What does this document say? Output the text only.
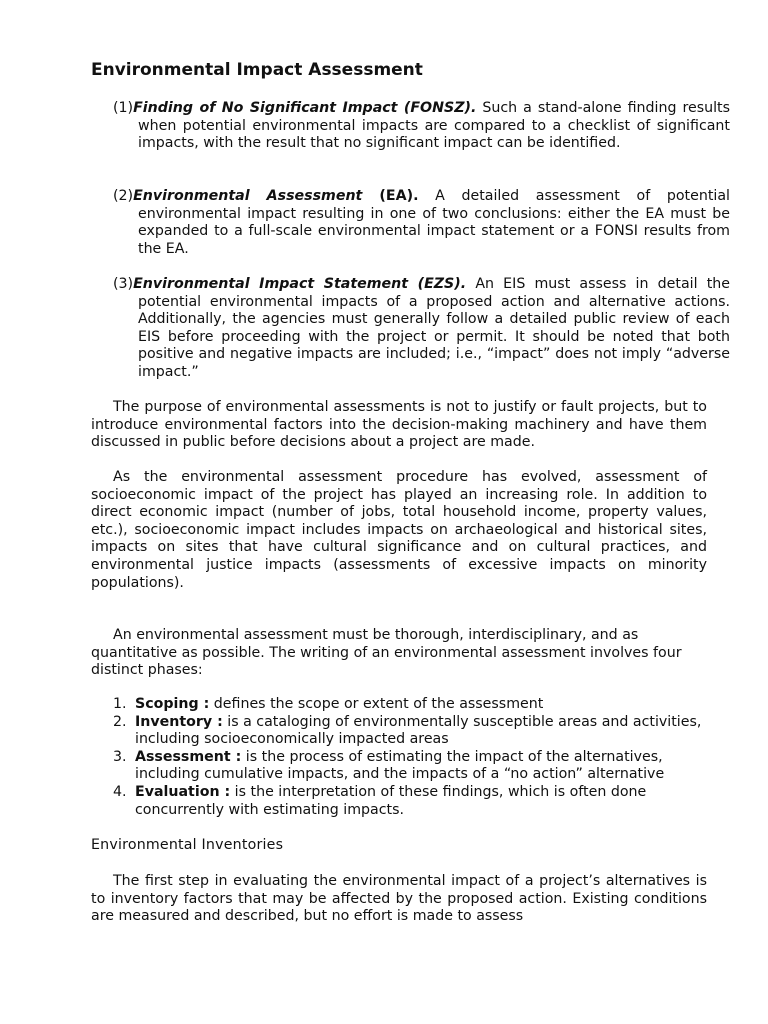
Environmental Impact Assessment

(1)Finding of No Significant Impact (FONSZ). Such a stand-alone finding results when potential environmental impacts are compared to a checklist of significant impacts, with the result that no significant impact can be identified.

(2)Environmental Assessment (EA). A detailed assessment of potential environmental impact resulting in one of two conclusions: either the EA must be expanded to a full-scale environmental impact statement or a FONSI results from the EA.

(3)Environmental Impact Statement (EZS). An EIS must assess in detail the potential environmental impacts of a proposed action and alternative actions. Additionally, the agencies must generally follow a detailed public review of each EIS before proceeding with the project or permit. It should be noted that both positive and negative impacts are included; i.e., “impact” does not imply “adverse impact.”

The purpose of environmental assessments is not to justify or fault projects, but to introduce environmental factors into the decision-making machinery and have them discussed in public before decisions about a project are made.

As the environmental assessment procedure has evolved, assessment of socioeconomic impact of the project has played an increasing role. In addition to direct economic impact (number of jobs, total household income, property values, etc.), socioeconomic impact includes impacts on archaeological and historical sites, impacts on sites that have cultural significance and on cultural practices, and environmental justice impacts (assessments of excessive impacts on minority populations).

An environmental assessment must be thorough, interdisciplinary, and as quantitative as possible. The writing of an environmental assessment involves four distinct phases:

1. Scoping : defines the scope or extent of the assessment
2. Inventory : is a cataloging of environmentally susceptible areas and activities, including socioeconomically impacted areas
3. Assessment : is the process of estimating the impact of the alternatives, including cumulative impacts, and the impacts of a “no action” alternative
4. Evaluation : is the interpretation of these findings, which is often done concurrently with estimating impacts.
Environmental Inventories

The first step in evaluating the environmental impact of a project’s alternatives is to inventory factors that may be affected by the proposed action. Existing conditions are measured and described, but no effort is made to assess
